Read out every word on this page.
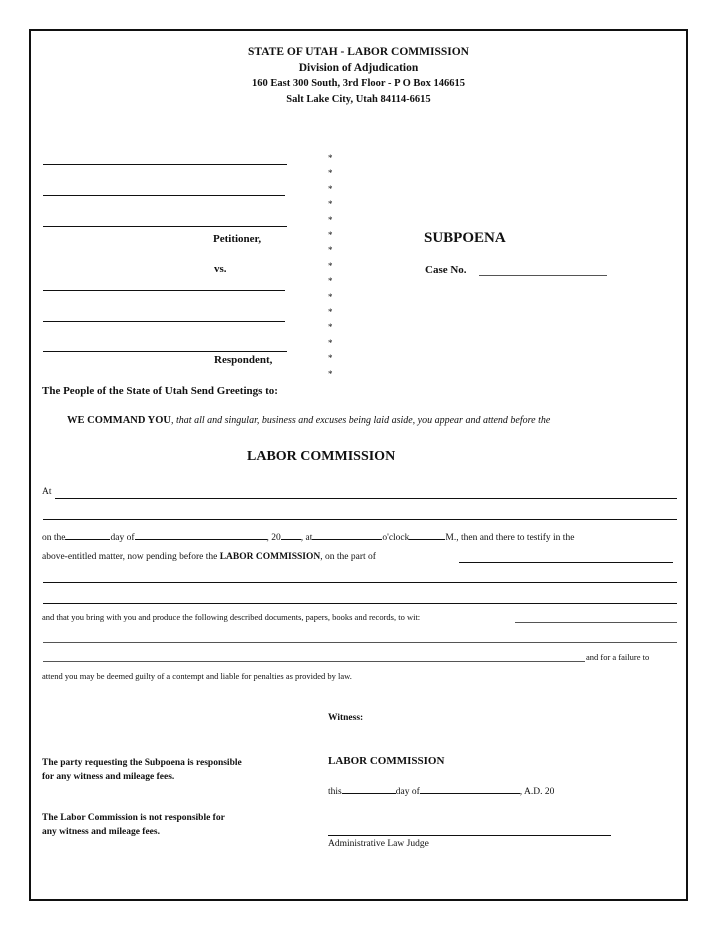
STATE OF UTAH - LABOR COMMISSION
Division of Adjudication
160 East 300 South, 3rd Floor - P O Box 146615
Salt Lake City, Utah 84114-6615
Petitioner,
vs.
Respondent,
*
*
*
*
*
*
*
*
*
*
*
*
*
*
*
SUBPOENA
Case No.
The People of the State of Utah Send Greetings to:
WE COMMAND YOU, that all and singular, business and excuses being laid aside, you appear and attend before the
LABOR COMMISSION
At
on the	day of	, 20 , at	o'clock	M., then and there to testify in the
above-entitled matter, now pending before the LABOR COMMISSION, on the part of
and that you bring with you and produce the following described documents, papers, books and records, to wit:
and for a failure to
attend you may be deemed guilty of a contempt and liable for penalties as provided by law.
Witness:
The party requesting the Subpoena is responsible
for any witness and mileage fees.
LABOR COMMISSION
this	day of	, A.D. 20
The Labor Commission is not responsible for
any witness and mileage fees.
Administrative Law Judge
